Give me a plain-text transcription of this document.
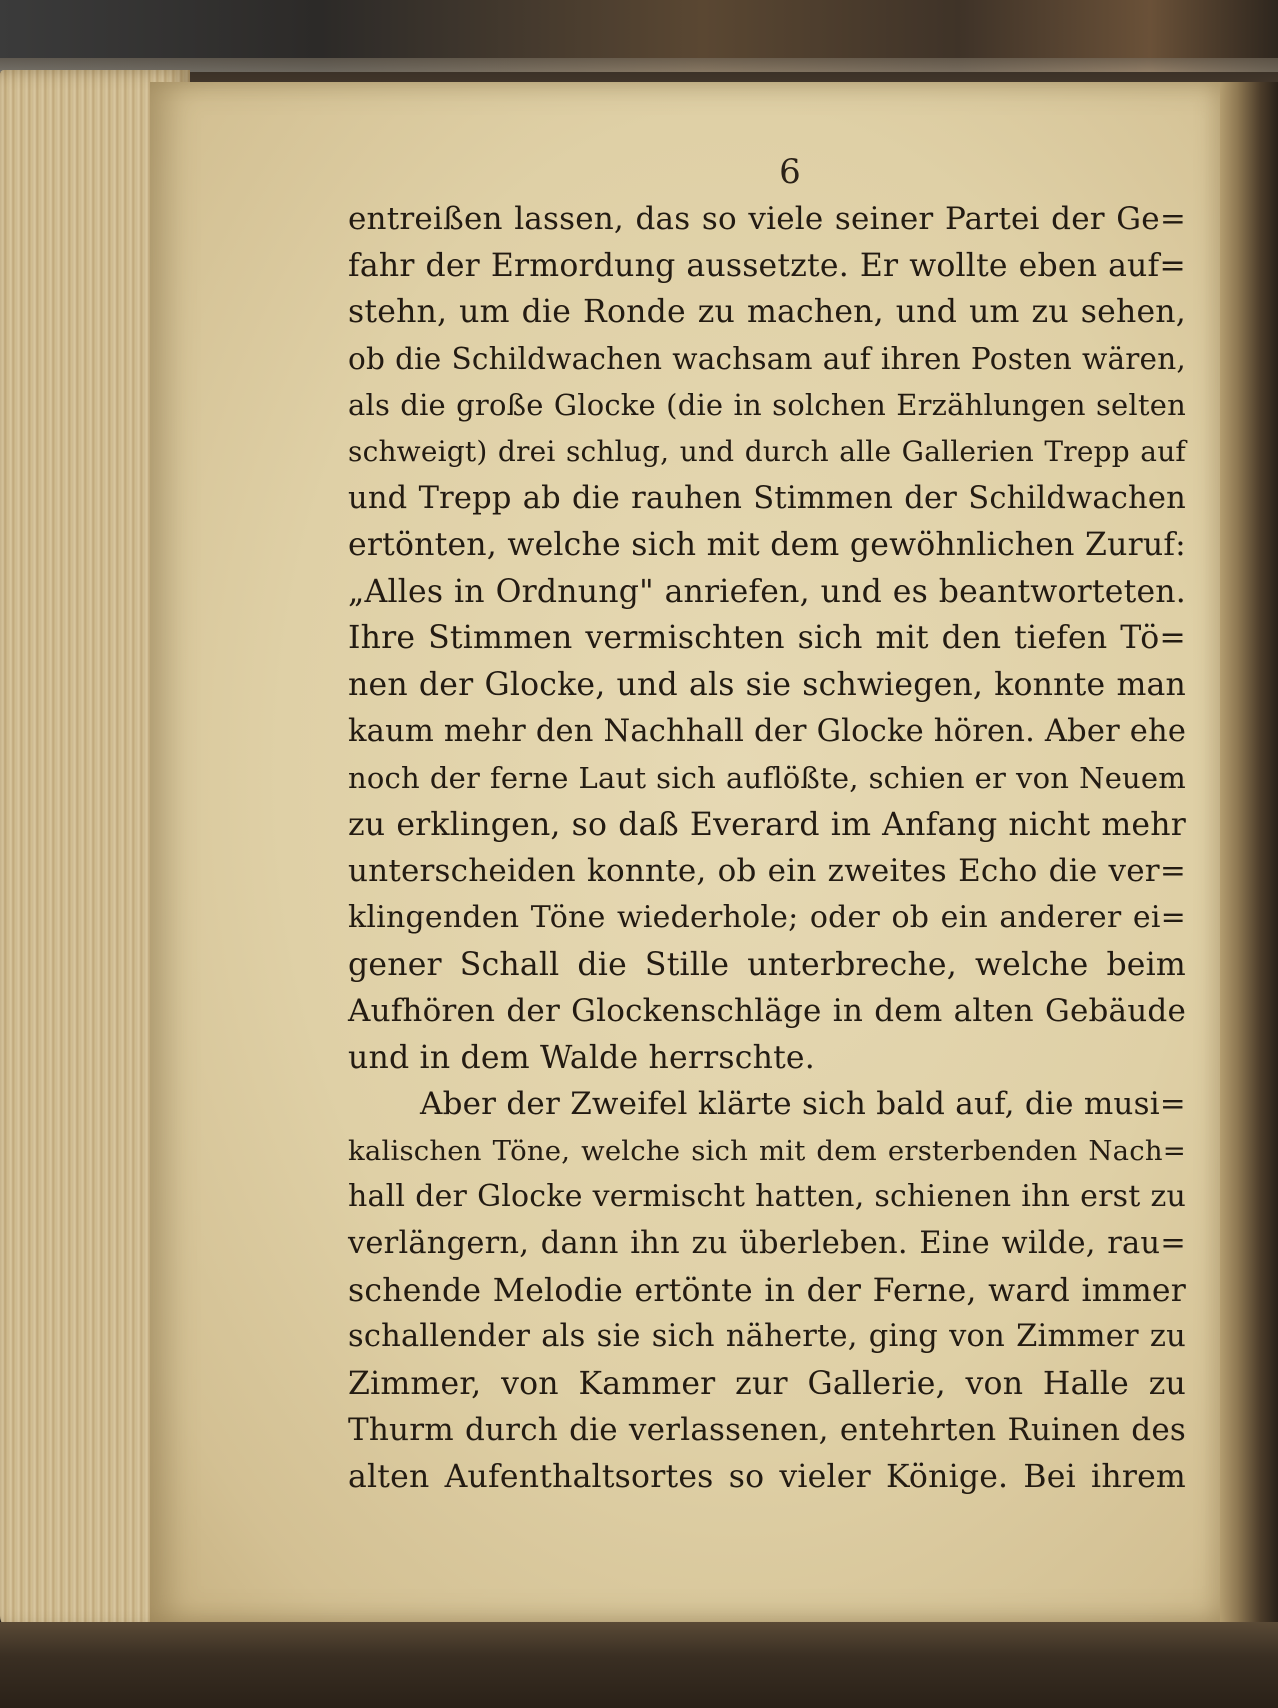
6
entreißen lassen, das so viele seiner Partei der Ge=
fahr der Ermordung aussetzte. Er wollte eben auf=
stehn, um die Ronde zu machen, und um zu sehen,
ob die Schildwachen wachsam auf ihren Posten wären,
als die große Glocke (die in solchen Erzählungen selten
schweigt) drei schlug, und durch alle Gallerien Trepp auf
und Trepp ab die rauhen Stimmen der Schildwachen
ertönten, welche sich mit dem gewöhnlichen Zuruf:
„Alles in Ordnung" anriefen, und es beantworteten.
Ihre Stimmen vermischten sich mit den tiefen Tö=
nen der Glocke, und als sie schwiegen, konnte man
kaum mehr den Nachhall der Glocke hören. Aber ehe
noch der ferne Laut sich auflößte, schien er von Neuem
zu erklingen, so daß Everard im Anfang nicht mehr
unterscheiden konnte, ob ein zweites Echo die ver=
klingenden Töne wiederhole; oder ob ein anderer ei=
gener Schall die Stille unterbreche, welche beim
Aufhören der Glockenschläge in dem alten Gebäude
und in dem Walde herrschte.
Aber der Zweifel klärte sich bald auf, die musi=
kalischen Töne, welche sich mit dem ersterbenden Nach=
hall der Glocke vermischt hatten, schienen ihn erst zu
verlängern, dann ihn zu überleben. Eine wilde, rau=
schende Melodie ertönte in der Ferne, ward immer
schallender als sie sich näherte, ging von Zimmer zu
Zimmer, von Kammer zur Gallerie, von Halle zu
Thurm durch die verlassenen, entehrten Ruinen des
alten Aufenthaltsortes so vieler Könige. Bei ihrem
